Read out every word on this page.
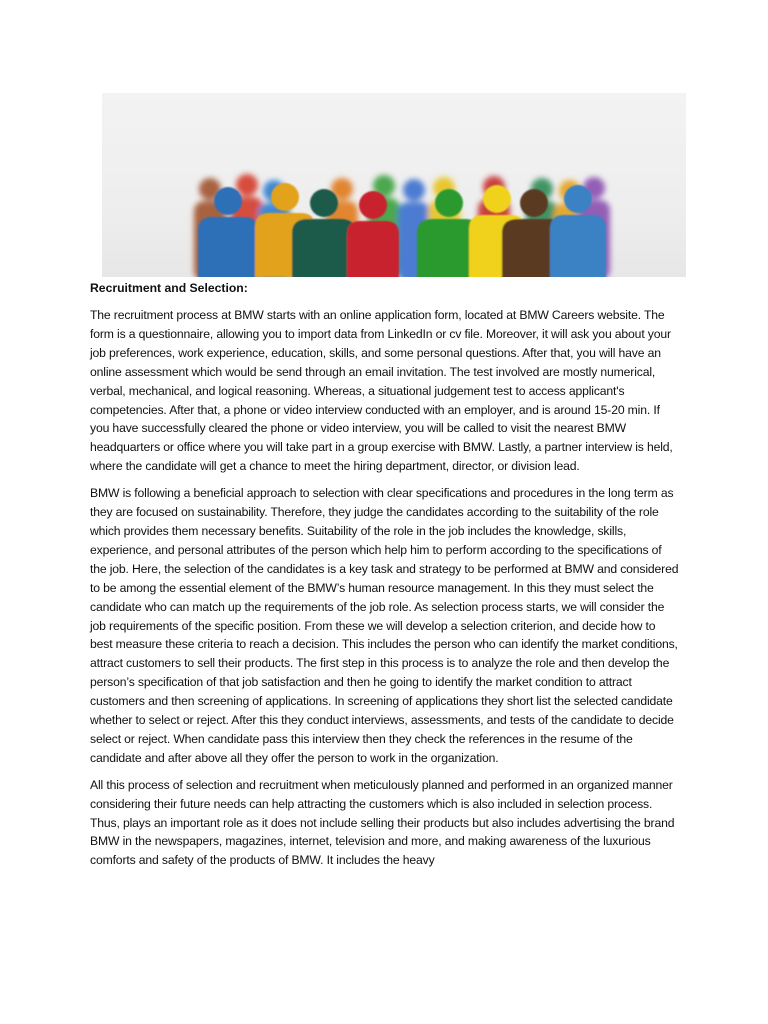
Recruitment and Selection:

The recruitment process at BMW starts with an online application form, located at BMW Careers website. The form is a questionnaire, allowing you to import data from LinkedIn or cv file. Moreover, it will ask you about your job preferences, work experience, education, skills, and some personal questions. After that, you will have an online assessment which would be send through an email invitation. The test involved are mostly numerical, verbal, mechanical, and logical reasoning. Whereas, a situational judgement test to access applicant's competencies. After that, a phone or video interview conducted with an employer, and is around 15-20 min. If you have successfully cleared the phone or video interview, you will be called to visit the nearest BMW headquarters or office where you will take part in a group exercise with BMW. Lastly, a partner interview is held, where the candidate will get a chance to meet the hiring department, director, or division lead.

BMW is following a beneficial approach to selection with clear specifications and procedures in the long term as they are focused on sustainability. Therefore, they judge the candidates according to the suitability of the role which provides them necessary benefits. Suitability of the role in the job includes the knowledge, skills, experience, and personal attributes of the person which help him to perform according to the specifications of the job. Here, the selection of the candidates is a key task and strategy to be performed at BMW and considered to be among the essential element of the BMW’s human resource management. In this they must select the candidate who can match up the requirements of the job role. As selection process starts, we will consider the job requirements of the specific position. From these we will develop a selection criterion, and decide how to best measure these criteria to reach a decision. This includes the person who can identify the market conditions, attract customers to sell their products. The first step in this process is to analyze the role and then develop the person’s specification of that job satisfaction and then he going to identify the market condition to attract customers and then screening of applications. In screening of applications they short list the selected candidate whether to select or reject. After this they conduct interviews, assessments, and tests of the candidate to decide select or reject. When candidate pass this interview then they check the references in the resume of the candidate and after above all they offer the person to work in the organization.

All this process of selection and recruitment when meticulously planned and performed in an organized manner considering their future needs can help attracting the customers which is also included in selection process. Thus, plays an important role as it does not include selling their products but also includes advertising the brand BMW in the newspapers, magazines, internet, television and more, and making awareness of the luxurious comforts and safety of the products of BMW. It includes the heavy
